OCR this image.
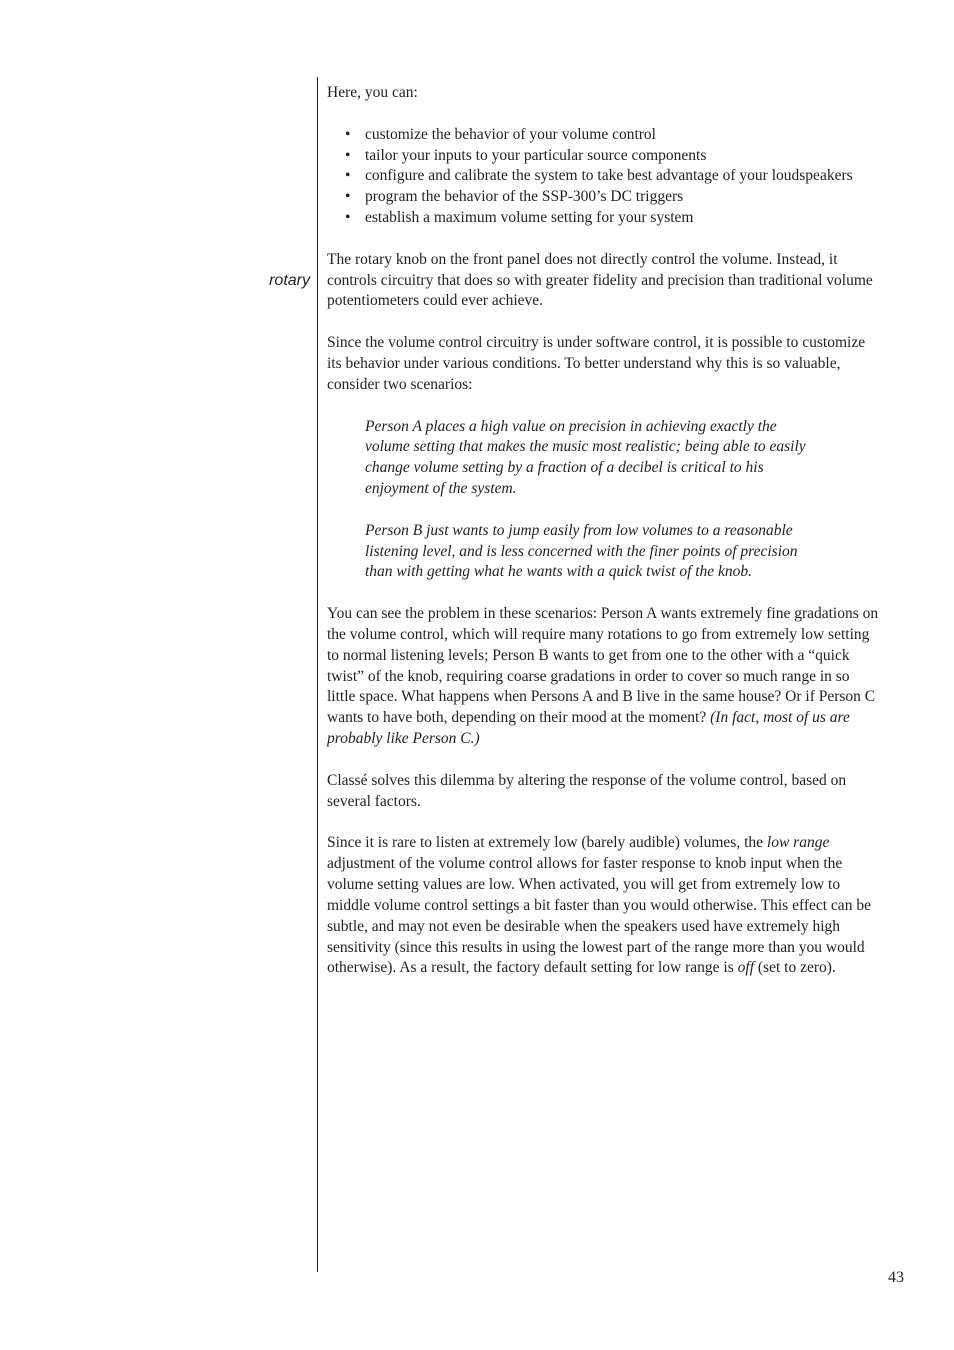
rotary

Here, you can:

• customize the behavior of your volume control
• tailor your inputs to your particular source components
• configure and calibrate the system to take best advantage of your loudspeakers
• program the behavior of the SSP-300’s DC triggers
• establish a maximum volume setting for your system

The rotary knob on the front panel does not directly control the volume. Instead, it controls circuitry that does so with greater fidelity and precision than traditional volume potentiometers could ever achieve.

Since the volume control circuitry is under software control, it is possible to customize its behavior under various conditions. To better understand why this is so valuable, consider two scenarios:

Person A places a high value on precision in achieving exactly the volume setting that makes the music most realistic; being able to easily change volume setting by a fraction of a decibel is critical to his enjoyment of the system.

Person B just wants to jump easily from low volumes to a reasonable listening level, and is less concerned with the finer points of precision than with getting what he wants with a quick twist of the knob.

You can see the problem in these scenarios: Person A wants extremely fine gradations on the volume control, which will require many rotations to go from extremely low setting to normal listening levels; Person B wants to get from one to the other with a “quick twist” of the knob, requiring coarse gradations in order to cover so much range in so little space. What happens when Persons A and B live in the same house? Or if Person C wants to have both, depending on their mood at the moment? (In fact, most of us are probably like Person C.)

Classé solves this dilemma by altering the response of the volume control, based on several factors.

Since it is rare to listen at extremely low (barely audible) volumes, the low range adjustment of the volume control allows for faster response to knob input when the volume setting values are low. When activated, you will get from extremely low to middle volume control settings a bit faster than you would otherwise. This effect can be subtle, and may not even be desirable when the speakers used have extremely high sensitivity (since this results in using the lowest part of the range more than you would otherwise). As a result, the factory default setting for low range is off (set to zero).

43
